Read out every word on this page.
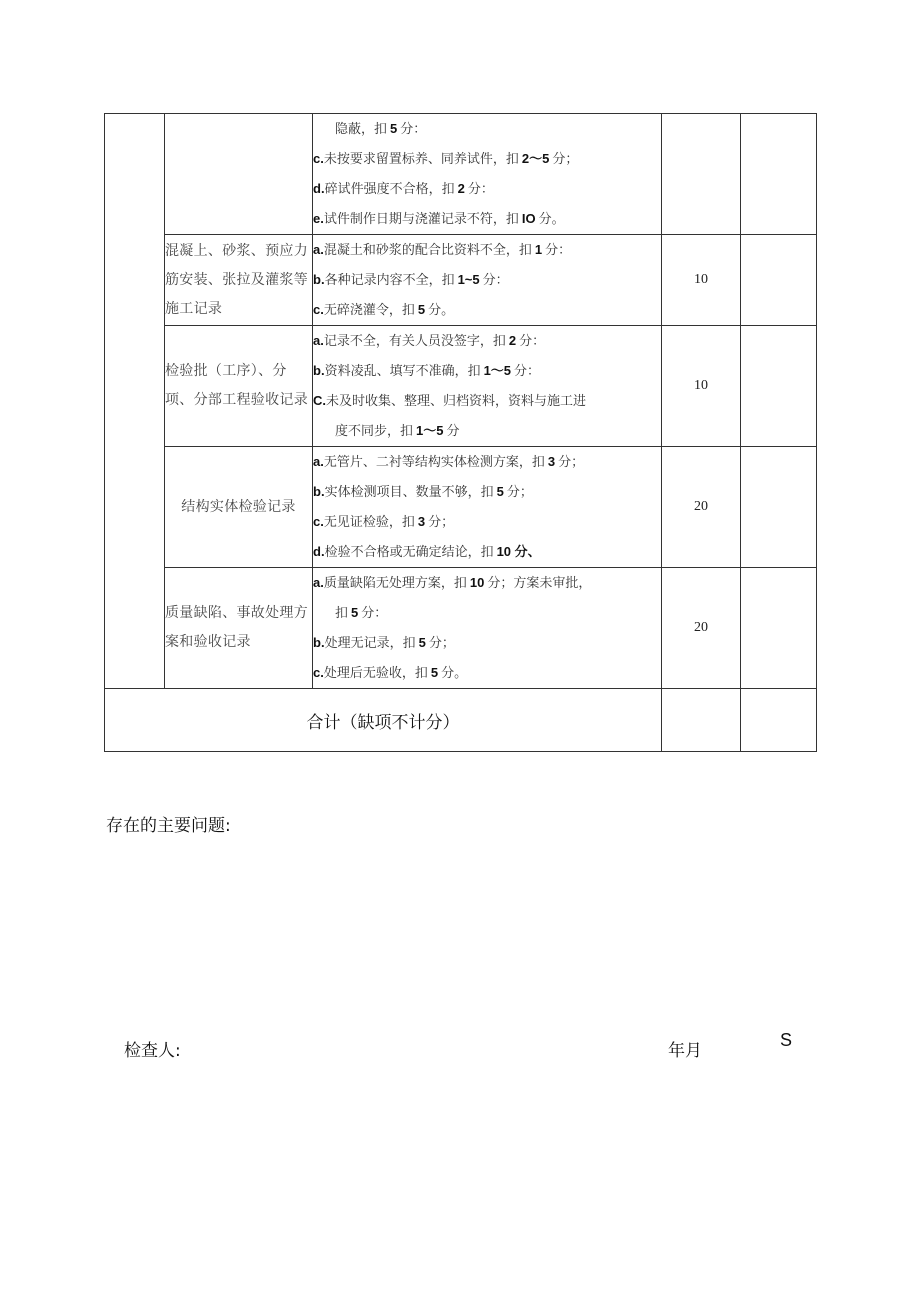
		隐蔽，扣 5 分：
c.未按要求留置标养、同养试件，扣 2～5 分；
d.碎试件强度不合格，扣 2 分：
e.试件制作日期与浇灌记录不符，扣 IO 分。		

	混凝上、砂浆、预应力筋安装、张拉及灌浆等施工记录	a.混凝土和砂浆的配合比资料不全，扣 1 分：
b.各种记录内容不全，扣 1~5 分：
c.无碎浇灌令，扣 5 分。	10	
	检验批（工序）、分项、分部工程验收记录	a.记录不全，有关人员没签字，扣 2 分：
b.资料凌乱、填写不准确，扣 1～5 分：
C.未及时收集、整理、归档资料，资料与施工进
度不同步，扣 1～5 分	10	
	结构实体检验记录	a.无管片、二衬等结构实体检测方案，扣 3 分；
b.实体检测项目、数量不够，扣 5 分；
c.无见证检验，扣 3 分；
d.检验不合格或无确定结论，扣 10 分、	20	
	质量缺陷、事故处理方案和验收记录	a.质量缺陷无处理方案，扣 10 分；方案未审批，
扣 5 分：
b.处理无记录，扣 5 分；
c.处理后无验收，扣 5 分。	20	
合计（缺项不计分）				
存在的主要问题:
检查人:	年月
S
